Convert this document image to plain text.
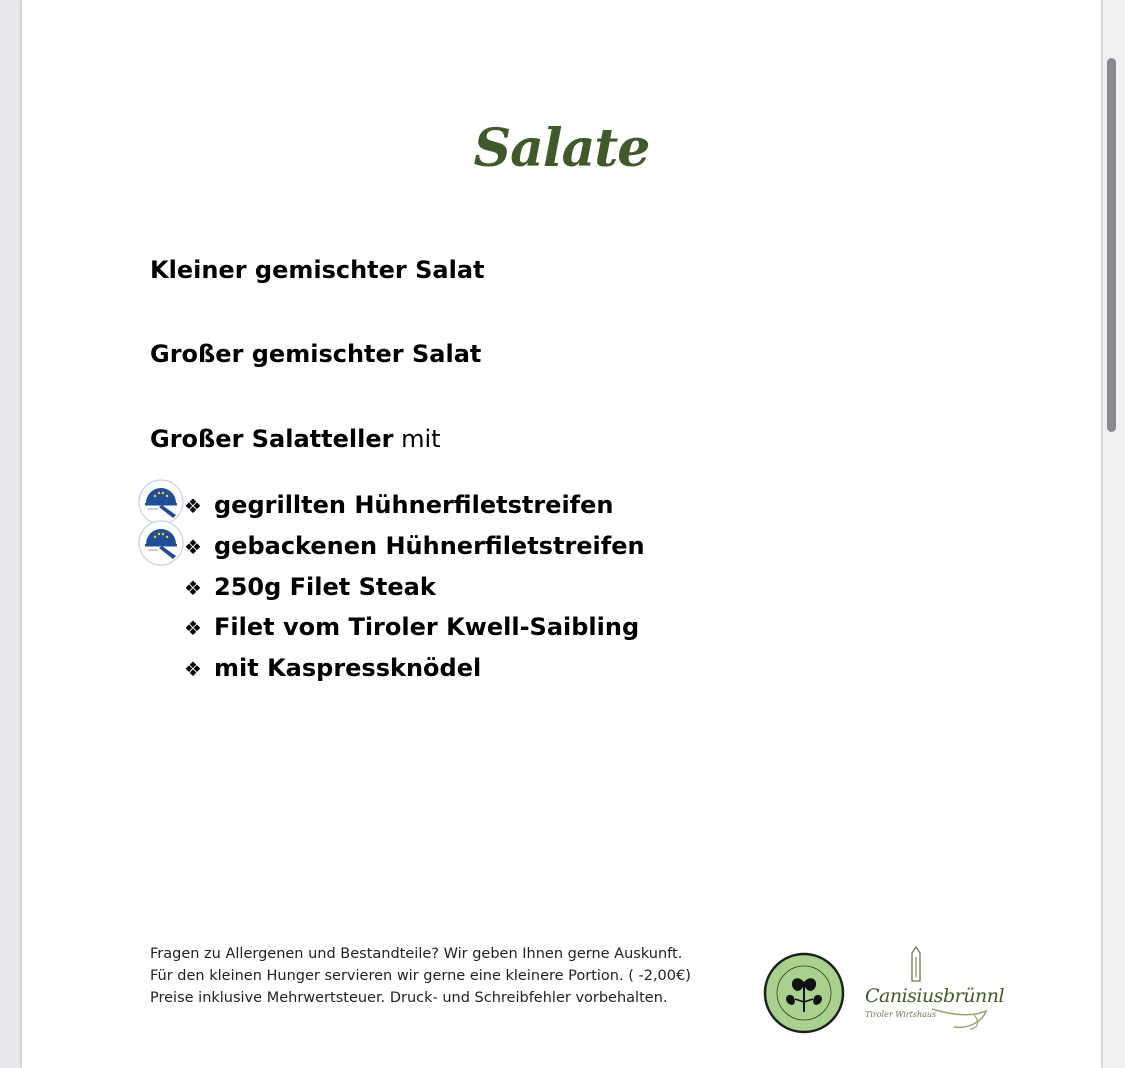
Salate
Kleiner gemischter Salat
Großer gemischter Salat
Großer Salatteller mit
❖ gegrillten Hühnerfiletstreifen
❖ gebackenen Hühnerfiletstreifen
❖ 250g Filet Steak
❖ Filet vom Tiroler Kwell-Saibling
❖ mit Kaspressknödel
Fragen zu Allergenen und Bestandteile? Wir geben Ihnen gerne Auskunft.
Für den kleinen Hunger servieren wir gerne eine kleinere Portion. ( -2,00€)
Preise inklusive Mehrwertsteuer. Druck- und Schreibfehler vorbehalten.	Canisiusbrünnl
Tiroler Wirtshaus
